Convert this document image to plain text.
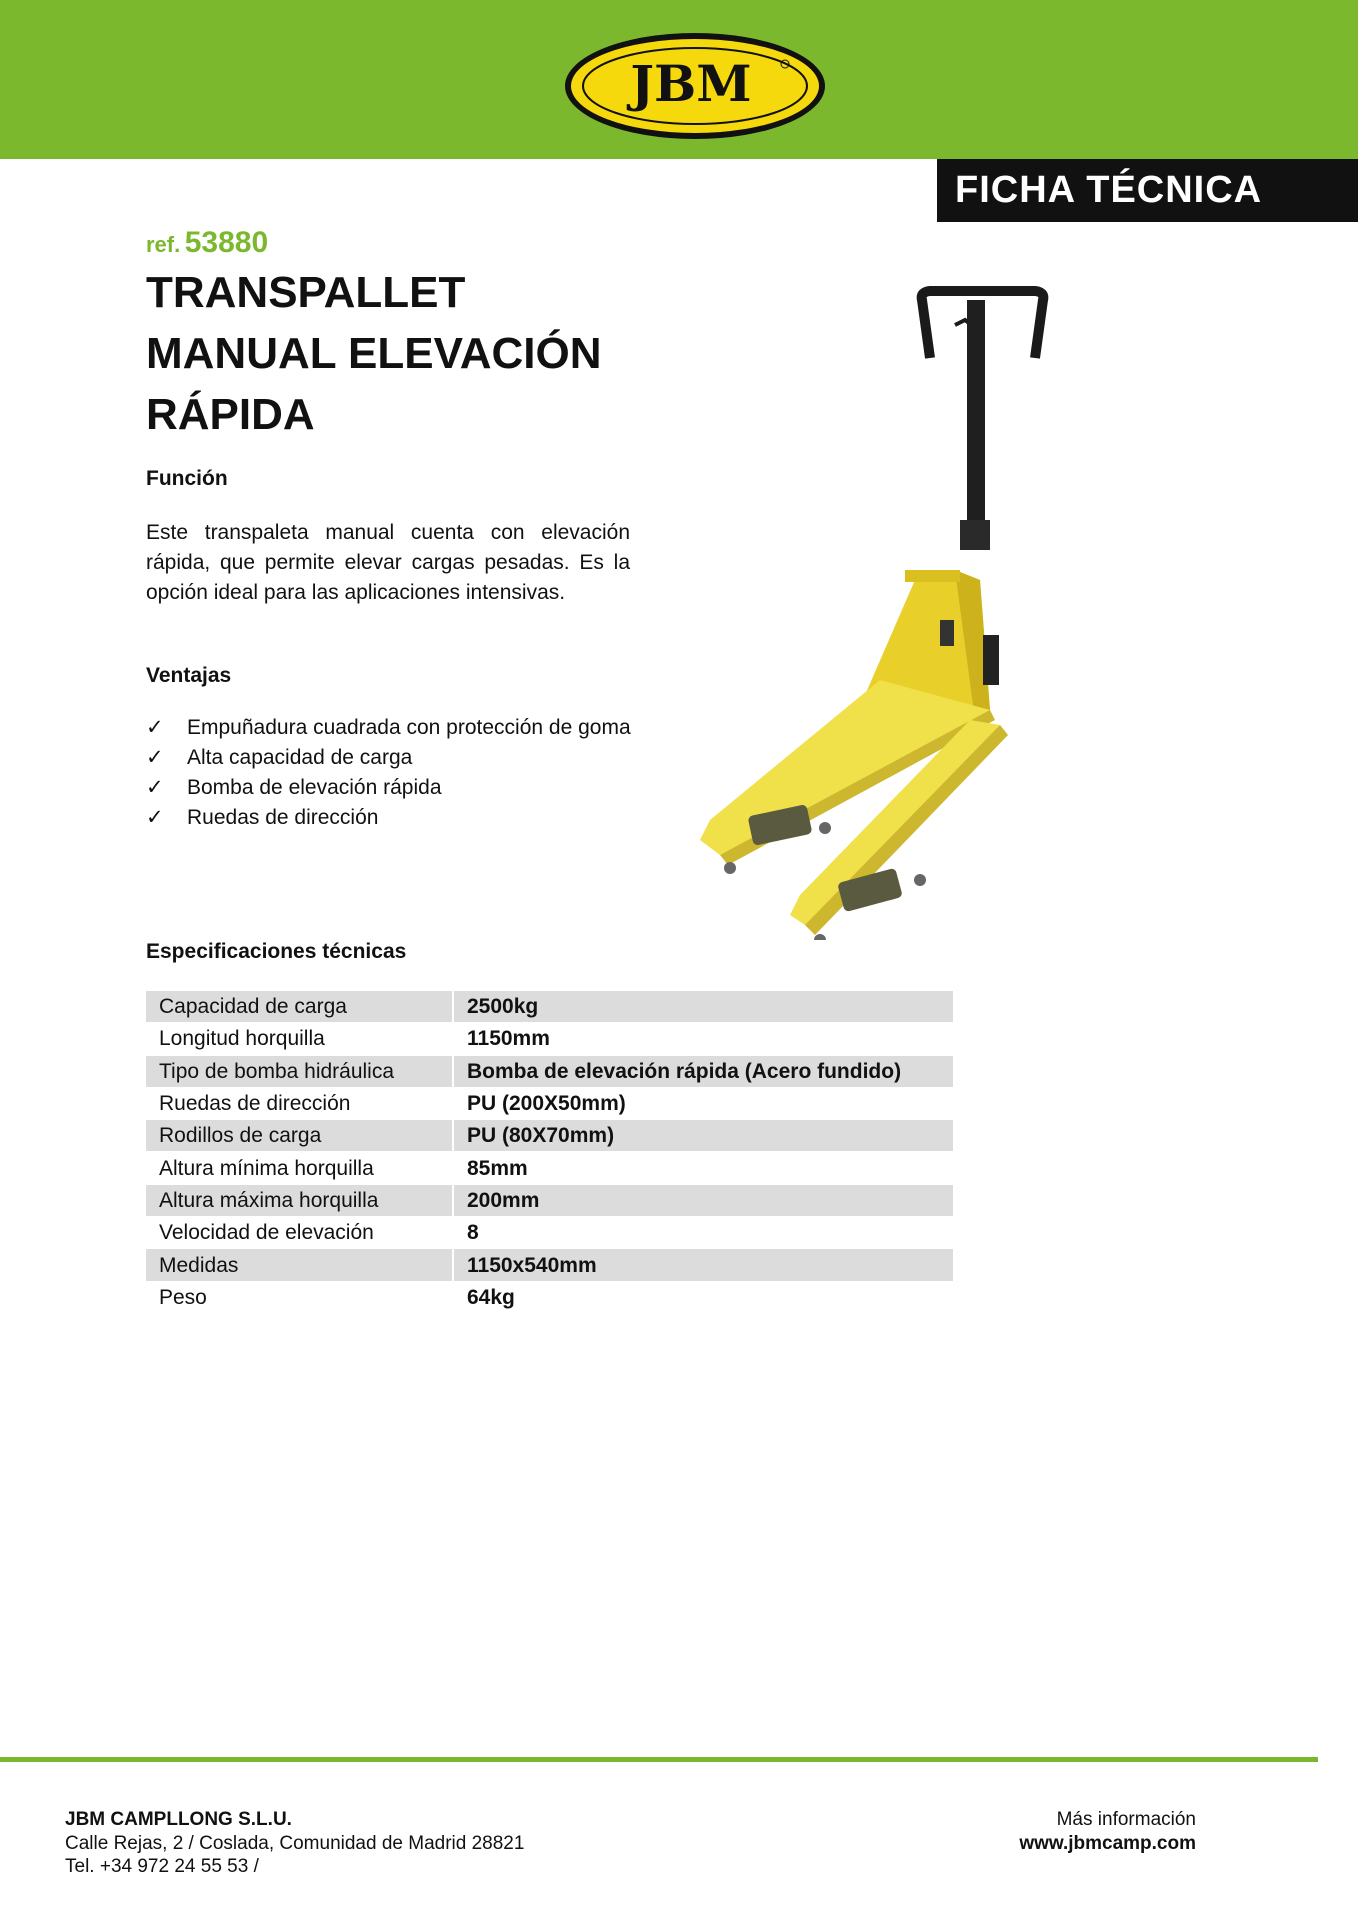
JBM
FICHA TÉCNICA
ref. 53880
TRANSPALLET
MANUAL ELEVACIÓN
RÁPIDA
Función

Este transpaleta manual cuenta con elevación rápida, que permite elevar cargas pesadas. Es la opción ideal para las aplicaciones intensivas.

Ventajas
✓ Empuñadura cuadrada con protección de goma
✓ Alta capacidad de carga
✓ Bomba de elevación rápida
✓ Ruedas de dirección
Especificaciones técnicas
Capacidad de carga	2500kg
Longitud horquilla	1150mm
Tipo de bomba hidráulica	Bomba de elevación rápida (Acero fundido)
Ruedas de dirección	PU (200X50mm)
Rodillos de carga	PU (80X70mm)
Altura mínima horquilla	85mm
Altura máxima horquilla	200mm
Velocidad de elevación	8
Medidas	1150x540mm
Peso	64kg
JBM CAMPLLONG S.L.U.
Calle Rejas, 2 / Coslada, Comunidad de Madrid 28821
Tel. +34 972 24 55 53 /
Más información
www.jbmcamp.com
